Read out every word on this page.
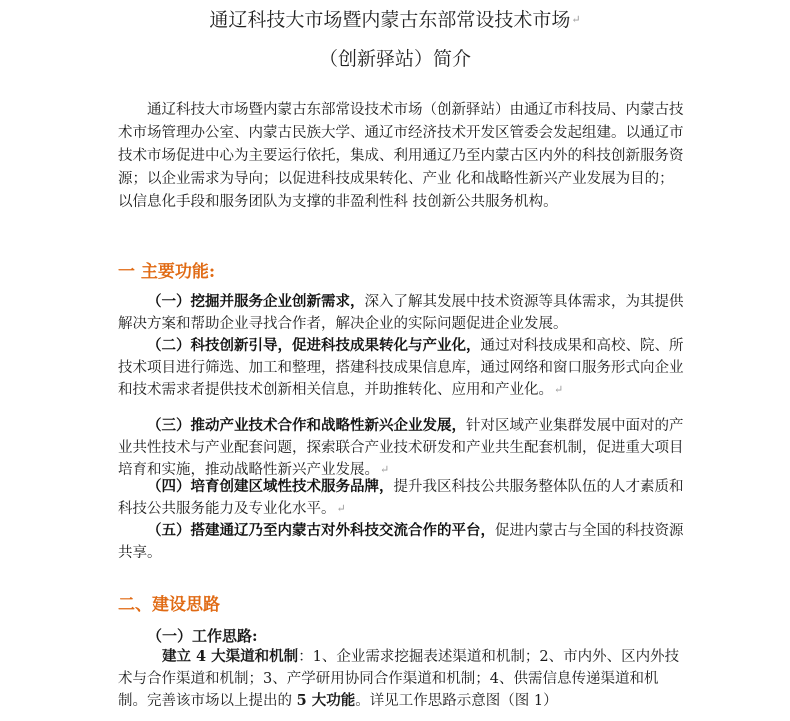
通辽科技大市场暨内蒙古东部常设技术市场↵
（创新驿站）简介
通辽科技大市场暨内蒙古东部常设技术市场（创新驿站）由通辽市科技局、内蒙古技术市场管理办公室、内蒙古民族大学、通辽市经济技术开发区管委会发起组建。以通辽市技术市场促进中心为主要运行依托，集成、利用通辽乃至内蒙古区内外的科技创新服务资源；以企业需求为导向；以促进科技成果转化、产业 化和战略性新兴产业发展为目的；以信息化手段和服务团队为支撑的非盈利性科 技创新公共服务机构。
一 主要功能:
（一）挖掘并服务企业创新需求，深入了解其发展中技术资源等具体需求，为其提供解决方案和帮助企业寻找合作者，解决企业的实际问题促进企业发展。
（二）科技创新引导，促进科技成果转化与产业化，通过对科技成果和高校、院、所技术项目进行筛选、加工和整理，搭建科技成果信息库，通过网络和窗口服务形式向企业和技术需求者提供技术创新相关信息，并助推转化、应用和产业化。↵
（三）推动产业技术合作和战略性新兴企业发展，针对区域产业集群发展中面对的产业共性技术与产业配套问题，探索联合产业技术研发和产业共生配套机制，促进重大项目培育和实施，推动战略性新兴产业发展。↵
（四）培育创建区域性技术服务品牌，提升我区科技公共服务整体队伍的人才素质和科技公共服务能力及专业化水平。↵
（五）搭建通辽乃至内蒙古对外科技交流合作的平台，促进内蒙古与全国的科技资源共享。
二、建设思路
（一）工作思路:
建立 4 大渠道和机制：1、企业需求挖掘表述渠道和机制；2、市内外、区内外技术与合作渠道和机制；3、产学研用协同合作渠道和机制；4、供需信息传递渠道和机制。完善该市场以上提出的 5 大功能。详见工作思路示意图（图 1）
